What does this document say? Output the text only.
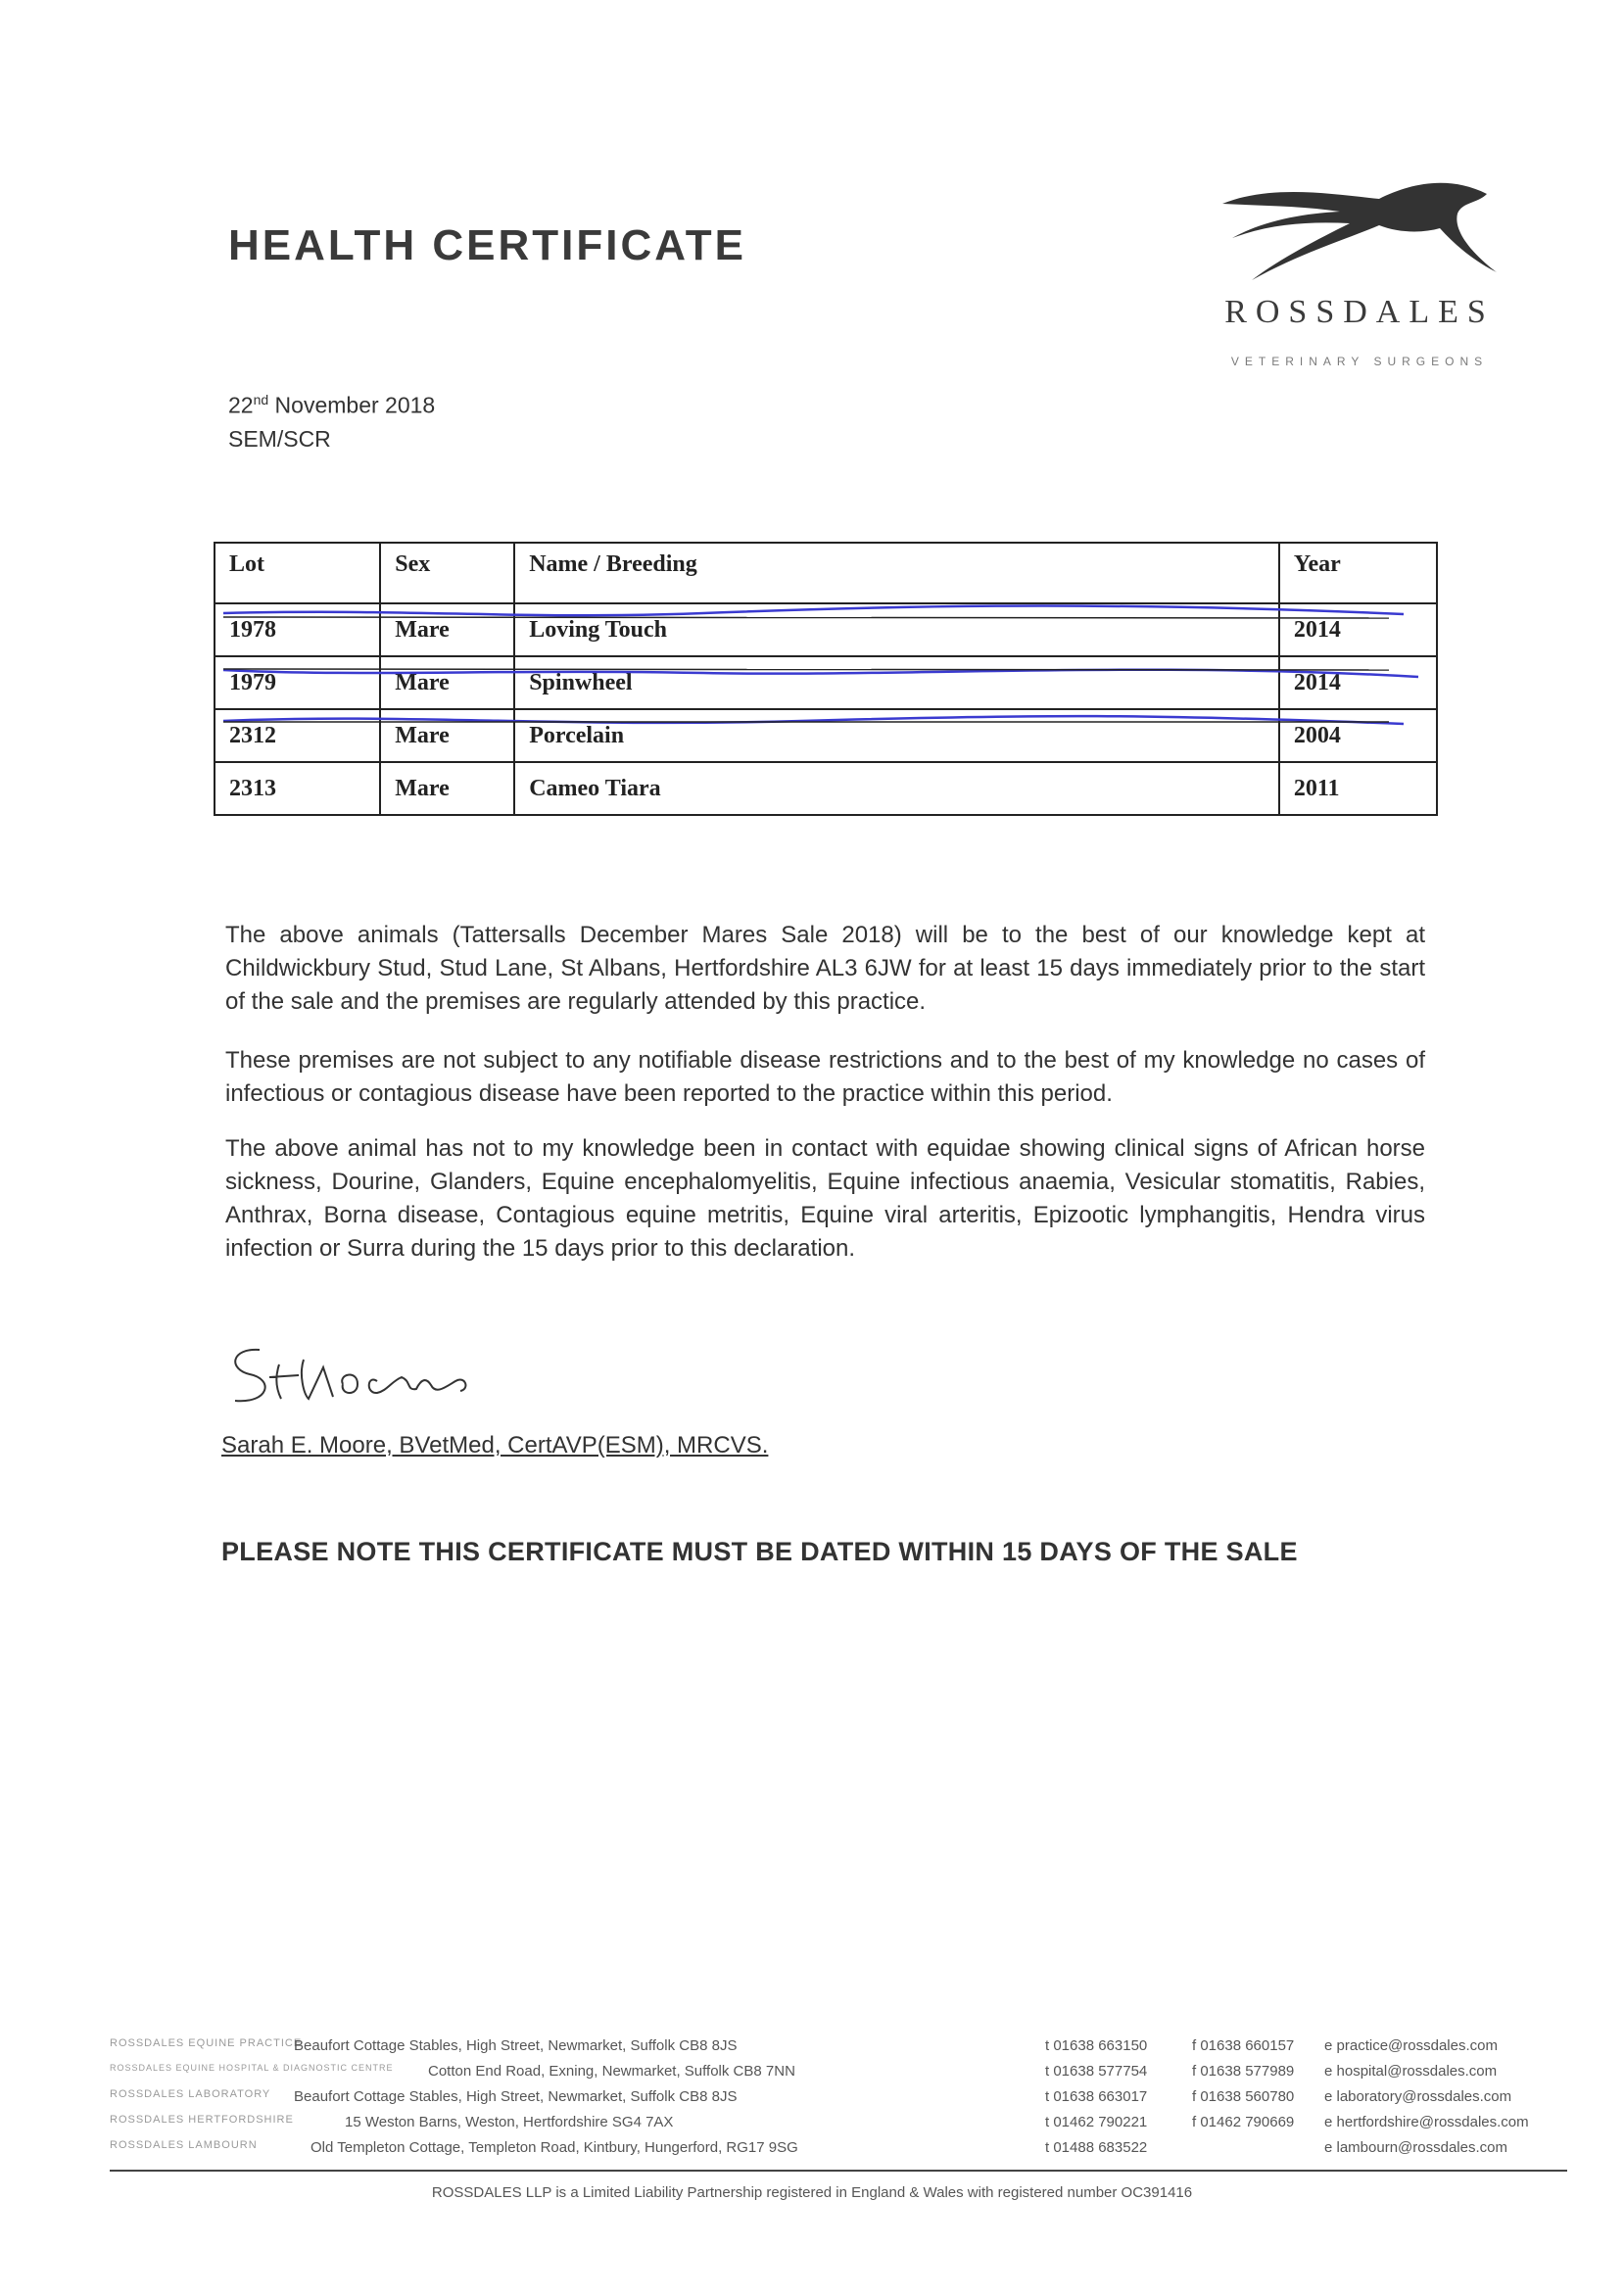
HEALTH CERTIFICATE
ROSSDALES
VETERINARY SURGEONS
22nd November 2018
SEM/SCR
Lot	Sex	Name / Breeding	Year
1978	Mare	Loving Touch	2014
1979	Mare	Spinwheel	2014
2312	Mare	Porcelain	2004
2313	Mare	Cameo Tiara	2011
The above animals (Tattersalls December Mares Sale 2018) will be to the best of our knowledge kept at Childwickbury Stud, Stud Lane, St Albans, Hertfordshire AL3 6JW for at least 15 days immediately prior to the start of the sale and the premises are regularly attended by this practice.
These premises are not subject to any notifiable disease restrictions and to the best of my knowledge no cases of infectious or contagious disease have been reported to the practice within this period.
The above animal has not to my knowledge been in contact with equidae showing clinical signs of African horse sickness, Dourine, Glanders, Equine encephalomyelitis, Equine infectious anaemia, Vesicular stomatitis, Rabies, Anthrax, Borna disease, Contagious equine metritis, Equine viral arteritis, Epizootic lymphangitis, Hendra virus infection or Surra during the 15 days prior to this declaration.
Sarah E. Moore, BVetMed, CertAVP(ESM), MRCVS.
PLEASE NOTE THIS CERTIFICATE MUST BE DATED WITHIN 15 DAYS OF THE SALE
ROSSDALES EQUINE PRACTICE
Beaufort Cottage Stables, High Street, Newmarket, Suffolk CB8 8JS	t 01638 663150	f 01638 660157 e practice@rossdales.com
ROSSDALES EQUINE HOSPITAL & DIAGNOSTIC CENTRE Cotton End Road, Exning, Newmarket, Suffolk CB8 7NN	t 01638 577754	f 01638 577989 e hospital@rossdales.com
ROSSDALES LABORATORY Beaufort Cottage Stables, High Street, Newmarket, Suffolk CB8 8JS	t 01638 663017	f 01638 560780 e laboratory@rossdales.com
ROSSDALES HERTFORDSHIRE	15 Weston Barns, Weston, Hertfordshire SG4 7AX	t 01462 790221	f 01462 790669 e hertfordshire@rossdales.com
ROSSDALES LAMBOURN	Old Templeton Cottage, Templeton Road, Kintbury, Hungerford, RG17 9SG	t 01488 683522	e lambourn@rossdales.com
ROSSDALES LLP is a Limited Liability Partnership registered in England & Wales with registered number OC391416
